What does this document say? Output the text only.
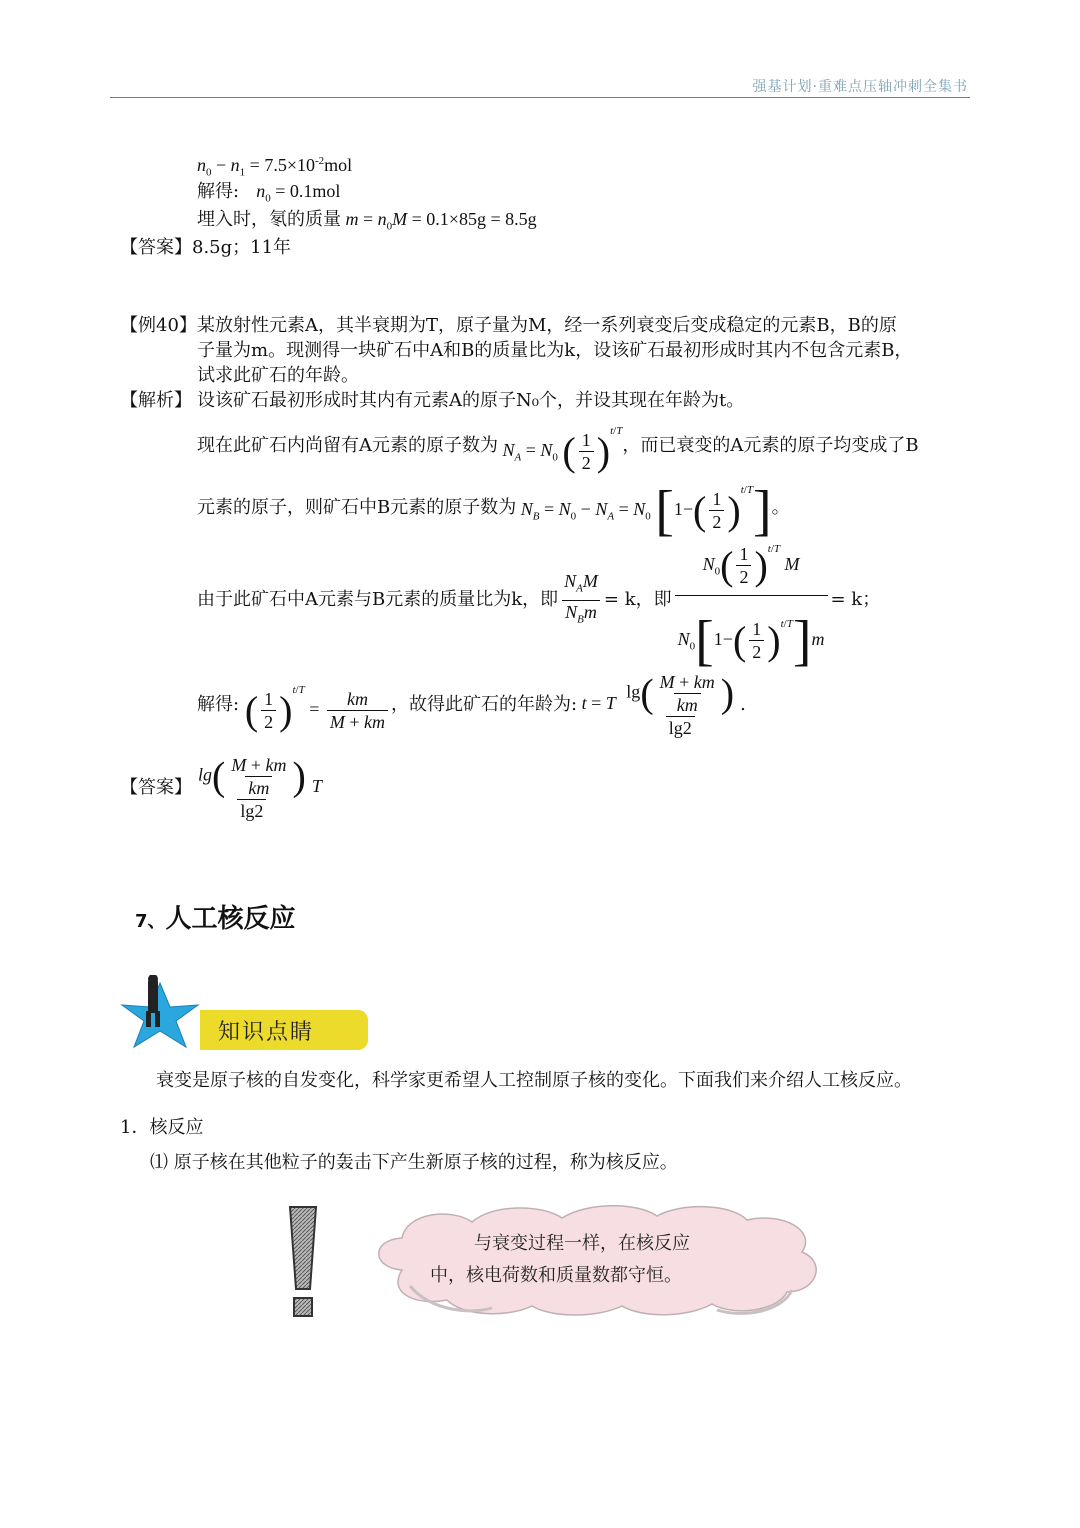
强基计划·重难点压轴冲刺全集书
$n_0 - n_1 = 7.5\times 10^{-2}mol$
解得: $n_0 = 0.1mol$
埋入时，氡的质量 $m = n_0M = 0.1\times 85g = 8.5g$
【答案】8.5g；11年
【例40】 某放射性元素A，其半衰期为T，原子量为M，经一系列衰变后变成稳定的元素B，B的原
子量为m。现测得一块矿石中A和B的质量比为k，设该矿石最初形成时其内不包含元素B，
试求此矿石的年龄。
【解析】 设该矿石最初形成时其内有元素A的原子N₀个，并设其现在年龄为t。
现在此矿石内尚留有A元素的原子数为 $N_A = N_0$ ( $\frac{1}{2} )^{t/T}$
，而已衰变的A元素的原子均变成了B
元素的原子，则矿石中B元素的原子数为 $N_B = N_0 - N_A = N_0$ $[1-( \frac{1}{2} )^{t/T}]$ 。
由于此矿石中A元素与B元素的质量比为k，即 $\frac{N_AM}{N_Bm} = k$，即 $\frac{N_0( \frac{1}{2} )^{t/T} M}{N_0[1-( \frac{1}{2} )^{t/T}]m} = k$；
解得:
( $\frac{1}{2} )^{t/T} = \frac{km}{M + km}$ ，故得此矿石的年龄为: t = T $\frac{\lg( \frac{M + km}{km} )}{\lg 2}$ .
【答案】 $\frac{\lg( \frac{M + km}{km} )}{\lg 2}$ T
7、人工核反应
知识点睛
衰变是原子核的自发变化，科学家更希望人工控制原子核的变化。下面我们来介绍人工核反应。
1．核反应
⑴ 原子核在其他粒子的轰击下产生新原子核的过程，称为核反应。
与衰变过程一样，在核反应
中，核电荷数和质量数都守恒。
